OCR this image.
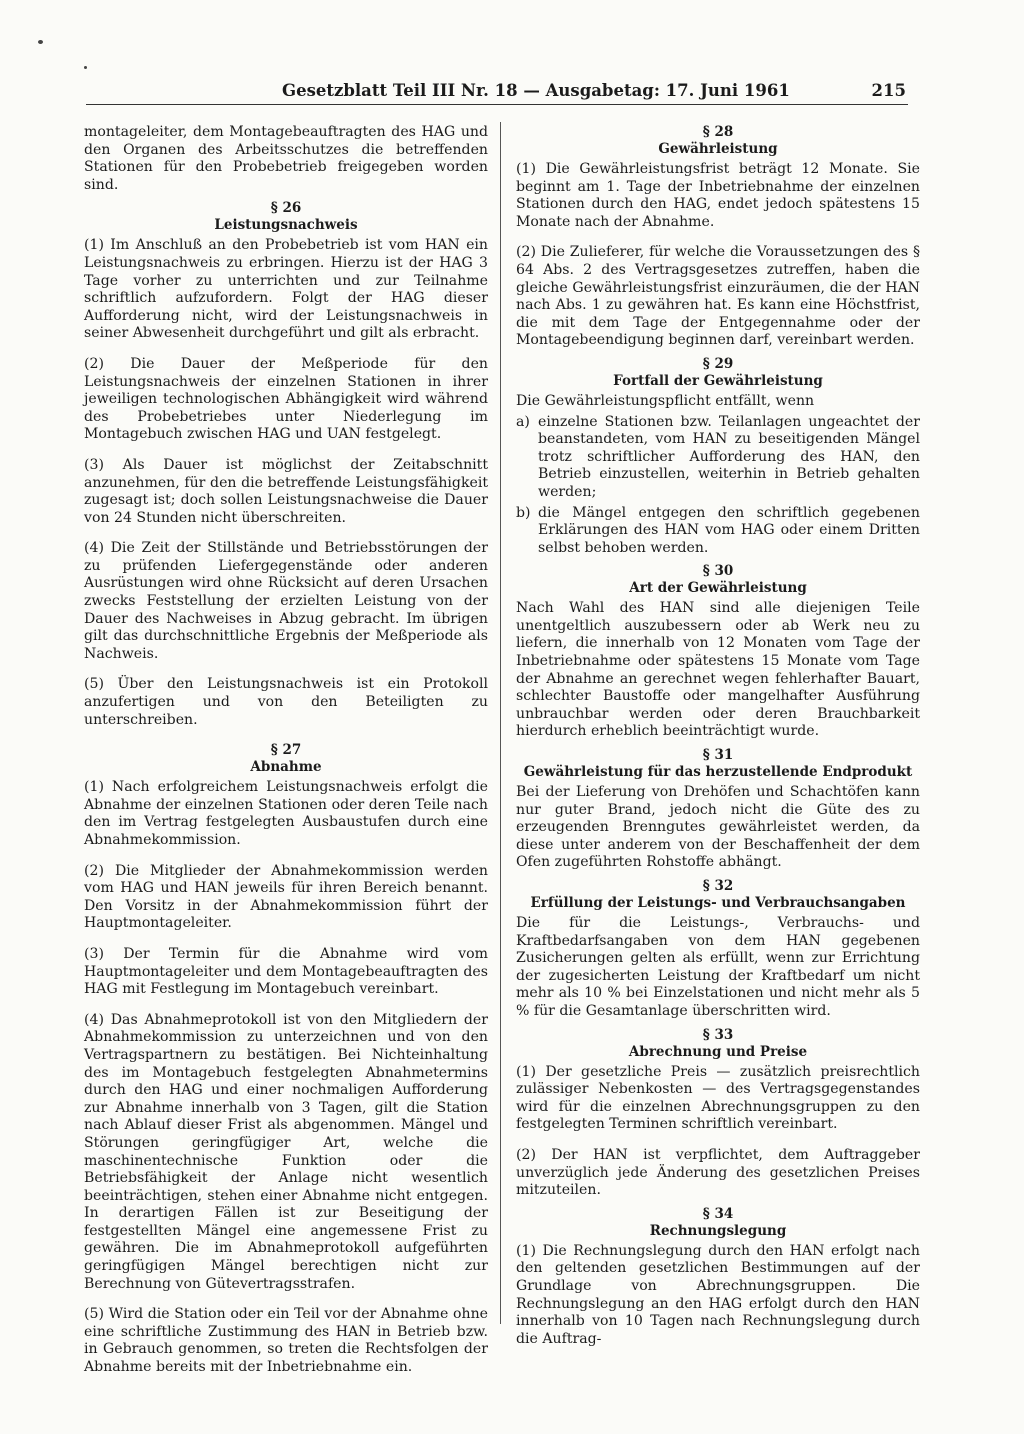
Gesetzblatt Teil III Nr. 18 — Ausgabetag: 17. Juni 1961	215

montageleiter, dem Montagebeauftragten des HAG und den Organen des Arbeitsschutzes die betreffenden Stationen für den Probebetrieb freigegeben worden sind.

§ 26
Leistungsnachweis

(1) Im Anschluß an den Probebetrieb ist vom HAN ein Leistungsnachweis zu erbringen. Hierzu ist der HAG 3 Tage vorher zu unterrichten und zur Teilnahme schriftlich aufzufordern. Folgt der HAG dieser Aufforderung nicht, wird der Leistungsnachweis in seiner Abwesenheit durchgeführt und gilt als erbracht.

(2) Die Dauer der Meßperiode für den Leistungsnachweis der einzelnen Stationen in ihrer jeweiligen technologischen Abhängigkeit wird während des Probebetriebes unter Niederlegung im Montagebuch zwischen HAG und UAN festgelegt.

(3) Als Dauer ist möglichst der Zeitabschnitt anzunehmen, für den die betreffende Leistungsfähigkeit zugesagt ist; doch sollen Leistungsnachweise die Dauer von 24 Stunden nicht überschreiten.

(4) Die Zeit der Stillstände und Betriebsstörungen der zu prüfenden Liefergegenstände oder anderen Ausrüstungen wird ohne Rücksicht auf deren Ursachen zwecks Feststellung der erzielten Leistung von der Dauer des Nachweises in Abzug gebracht. Im übrigen gilt das durchschnittliche Ergebnis der Meßperiode als Nachweis.

(5) Über den Leistungsnachweis ist ein Protokoll anzufertigen und von den Beteiligten zu unterschreiben.

§ 27
Abnahme

(1) Nach erfolgreichem Leistungsnachweis erfolgt die Abnahme der einzelnen Stationen oder deren Teile nach den im Vertrag festgelegten Ausbaustufen durch eine Abnahmekommission.

(2) Die Mitglieder der Abnahmekommission werden vom HAG und HAN jeweils für ihren Bereich benannt. Den Vorsitz in der Abnahmekommission führt der Hauptmontageleiter.

(3) Der Termin für die Abnahme wird vom Hauptmontageleiter und dem Montagebeauftragten des HAG mit Festlegung im Montagebuch vereinbart.

(4) Das Abnahmeprotokoll ist von den Mitgliedern der Abnahmekommission zu unterzeichnen und von den Vertragspartnern zu bestätigen. Bei Nichteinhaltung des im Montagebuch festgelegten Abnahmetermins durch den HAG und einer nochmaligen Aufforderung zur Abnahme innerhalb von 3 Tagen, gilt die Station nach Ablauf dieser Frist als abgenommen. Mängel und Störungen geringfügiger Art, welche die maschinentechnische Funktion oder die Betriebsfähigkeit der Anlage nicht wesentlich beeinträchtigen, stehen einer Abnahme nicht entgegen. In derartigen Fällen ist zur Beseitigung der festgestellten Mängel eine angemessene Frist zu gewähren. Die im Abnahmeprotokoll aufgeführten geringfügigen Mängel berechtigen nicht zur Berechnung von Gütevertragsstrafen.

(5) Wird die Station oder ein Teil vor der Abnahme ohne eine schriftliche Zustimmung des HAN in Betrieb bzw. in Gebrauch genommen, so treten die Rechtsfolgen der Abnahme bereits mit der Inbetriebnahme ein.

§ 28
Gewährleistung

(1) Die Gewährleistungsfrist beträgt 12 Monate. Sie beginnt am 1. Tage der Inbetriebnahme der einzelnen Stationen durch den HAG, endet jedoch spätestens 15 Monate nach der Abnahme.

(2) Die Zulieferer, für welche die Voraussetzungen des § 64 Abs. 2 des Vertragsgesetzes zutreffen, haben die gleiche Gewährleistungsfrist einzuräumen, die der HAN nach Abs. 1 zu gewähren hat. Es kann eine Höchstfrist, die mit dem Tage der Entgegennahme oder der Montagebeendigung beginnen darf, vereinbart werden.

§ 29
Fortfall der Gewährleistung

Die Gewährleistungspflicht entfällt, wenn

a) einzelne Stationen bzw. Teilanlagen ungeachtet der beanstandeten, vom HAN zu beseitigenden Mängel trotz schriftlicher Aufforderung des HAN, den Betrieb einzustellen, weiterhin in Betrieb gehalten werden;
b) die Mängel entgegen den schriftlich gegebenen Erklärungen des HAN vom HAG oder einem Dritten selbst behoben werden.
§ 30
Art der Gewährleistung

Nach Wahl des HAN sind alle diejenigen Teile unentgeltlich auszubessern oder ab Werk neu zu liefern, die innerhalb von 12 Monaten vom Tage der Inbetriebnahme oder spätestens 15 Monate vom Tage der Abnahme an gerechnet wegen fehlerhafter Bauart, schlechter Baustoffe oder mangelhafter Ausführung unbrauchbar werden oder deren Brauchbarkeit hierdurch erheblich beeinträchtigt wurde.

§ 31
Gewährleistung für das herzustellende Endprodukt

Bei der Lieferung von Drehöfen und Schachtöfen kann nur guter Brand, jedoch nicht die Güte des zu erzeugenden Brenngutes gewährleistet werden, da diese unter anderem von der Beschaffenheit der dem Ofen zugeführten Rohstoffe abhängt.

§ 32
Erfüllung der Leistungs- und Verbrauchsangaben

Die für die Leistungs-, Verbrauchs- und Kraftbedarfsangaben von dem HAN gegebenen Zusicherungen gelten als erfüllt, wenn zur Errichtung der zugesicherten Leistung der Kraftbedarf um nicht mehr als 10 % bei Einzelstationen und nicht mehr als 5 % für die Gesamtanlage überschritten wird.

§ 33
Abrechnung und Preise

(1) Der gesetzliche Preis — zusätzlich preisrechtlich zulässiger Nebenkosten — des Vertragsgegenstandes wird für die einzelnen Abrechnungsgruppen zu den festgelegten Terminen schriftlich vereinbart.

(2) Der HAN ist verpflichtet, dem Auftraggeber unverzüglich jede Änderung des gesetzlichen Preises mitzuteilen.

§ 34
Rechnungslegung

(1) Die Rechnungslegung durch den HAN erfolgt nach den geltenden gesetzlichen Bestimmungen auf der Grundlage von Abrechnungsgruppen. Die Rechnungslegung an den HAG erfolgt durch den HAN innerhalb von 10 Tagen nach Rechnungslegung durch die Auftrag-
